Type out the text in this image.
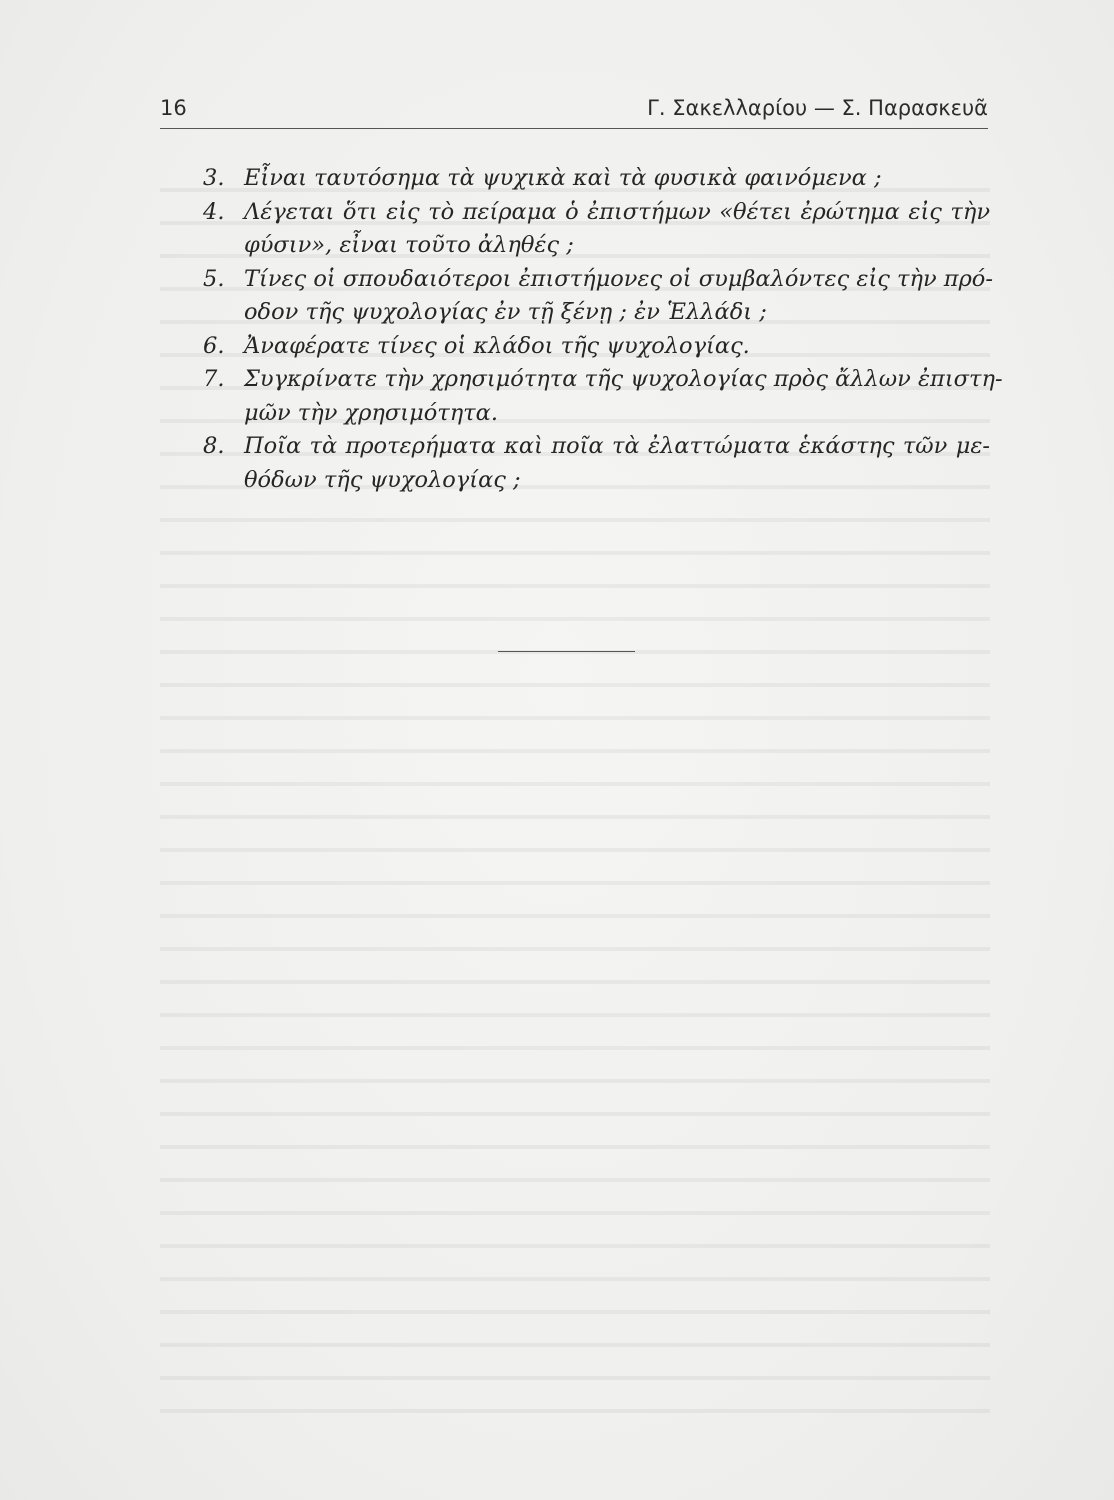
16	Γ. Σακελλαρίου — Σ. Παρασκευᾶ
3. Εἶναι ταυτόσημα τὰ ψυχικὰ καὶ τὰ φυσικὰ φαινόμενα ;
4. Λέγεται ὅτι εἰς τὸ πείραμα ὁ ἐπιστήμων «θέτει ἐρώτημα εἰς τὴν
φύσιν», εἶναι τοῦτο ἀληθές ;
5. Τίνες οἱ σπουδαιότεροι ἐπιστήμονες οἱ συμβαλόντες εἰς τὴν πρό-
οδον τῆς ψυχολογίας ἐν τῇ ξένῃ ; ἐν Ἑλλάδι ;
6. Ἀναφέρατε τίνες οἱ κλάδοι τῆς ψυχολογίας.
7. Συγκρίνατε τὴν χρησιμότητα τῆς ψυχολογίας πρὸς ἄλλων ἐπιστη-
μῶν τὴν χρησιμότητα.
8. Ποῖα τὰ προτερήματα καὶ ποῖα τὰ ἐλαττώματα ἑκάστης τῶν με-
θόδων τῆς ψυχολογίας ;
